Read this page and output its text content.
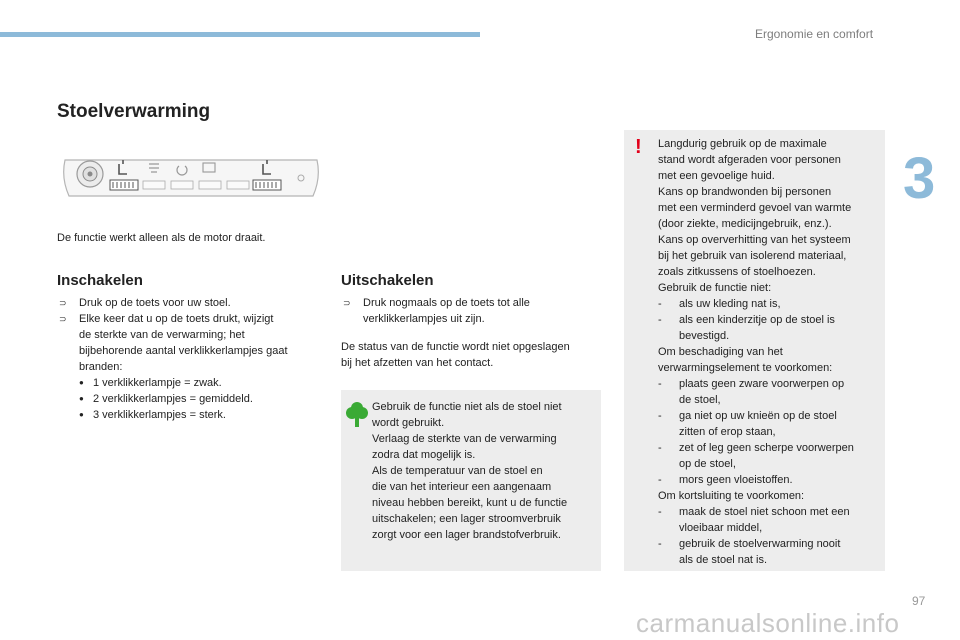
Ergonomie en comfort
3
Stoelverwarming
De functie werkt alleen als de motor draait.
Inschakelen
⊃ Druk op de toets voor uw stoel.
⊃ Elke keer dat u op de toets drukt, wijzigt
de sterkte van de verwarming; het
bijbehorende aantal verklikkerlampjes gaat
branden:
● 1 verklikkerlampje = zwak.
● 2 verklikkerlampjes = gemiddeld.
● 3 verklikkerlampjes = sterk.
Uitschakelen
⊃ Druk nogmaals op de toets tot alle
verklikkerlampjes uit zijn.
De status van de functie wordt niet opgeslagen
bij het afzetten van het contact.
Gebruik de functie niet als de stoel niet
wordt gebruikt.
Verlaag de sterkte van de verwarming
zodra dat mogelijk is.
Als de temperatuur van de stoel en
die van het interieur een aangenaam
niveau hebben bereikt, kunt u de functie
uitschakelen; een lager stroomverbruik
zorgt voor een lager brandstofverbruik.
! Langdurig gebruik op de maximale
stand wordt afgeraden voor personen
met een gevoelige huid.
Kans op brandwonden bij personen
met een verminderd gevoel van warmte
(door ziekte, medicijngebruik, enz.).
Kans op oververhitting van het systeem
bij het gebruik van isolerend materiaal,
zoals zitkussens of stoelhoezen.
Gebruik de functie niet:
- als uw kleding nat is,
- als een kinderzitje op de stoel is
bevestigd.
Om beschadiging van het
verwarmingselement te voorkomen:
- plaats geen zware voorwerpen op
de stoel,
- ga niet op uw knieën op de stoel
zitten of erop staan,
- zet of leg geen scherpe voorwerpen
op de stoel,
- mors geen vloeistoffen.
Om kortsluiting te voorkomen:
- maak de stoel niet schoon met een
vloeibaar middel,
- gebruik de stoelverwarming nooit
als de stoel nat is.
97
carmanualsonline.info
